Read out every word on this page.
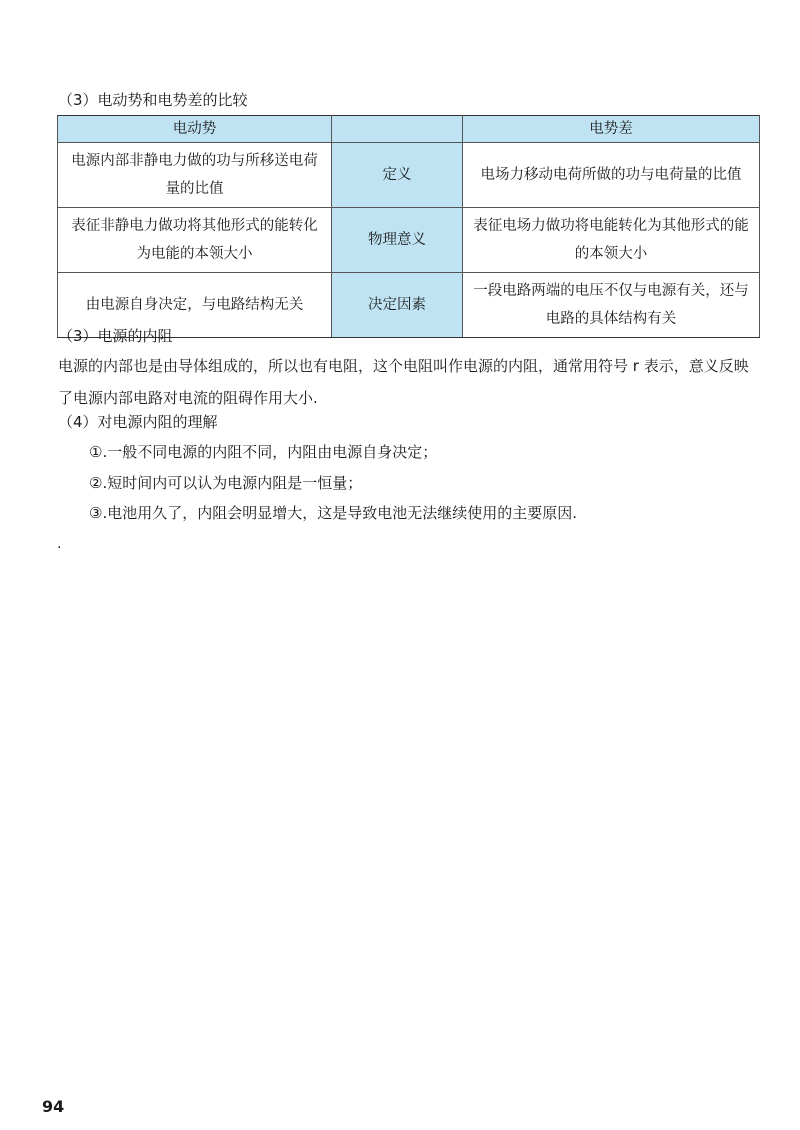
（3）电动势和电势差的比较
电动势		电势差
电源内部非静电力做的功与所移送电荷量的比值	定义	电场力移动电荷所做的功与电荷量的比值
表征非静电力做功将其他形式的能转化为电能的本领大小	物理意义	表征电场力做功将电能转化为其他形式的能的本领大小
由电源自身决定，与电路结构无关	决定因素	一段电路两端的电压不仅与电源有关，还与电路的具体结构有关
（3）电源的内阻
电源的内部也是由导体组成的，所以也有电阻，这个电阻叫作电源的内阻，通常用符号 r 表示，意义反映了电源内部电路对电流的阻碍作用大小.
（4）对电源内阻的理解
①.一般不同电源的内阻不同，内阻由电源自身决定；
②.短时间内可以认为电源内阻是一恒量；
③.电池用久了，内阻会明显增大，这是导致电池无法继续使用的主要原因.
.
94
